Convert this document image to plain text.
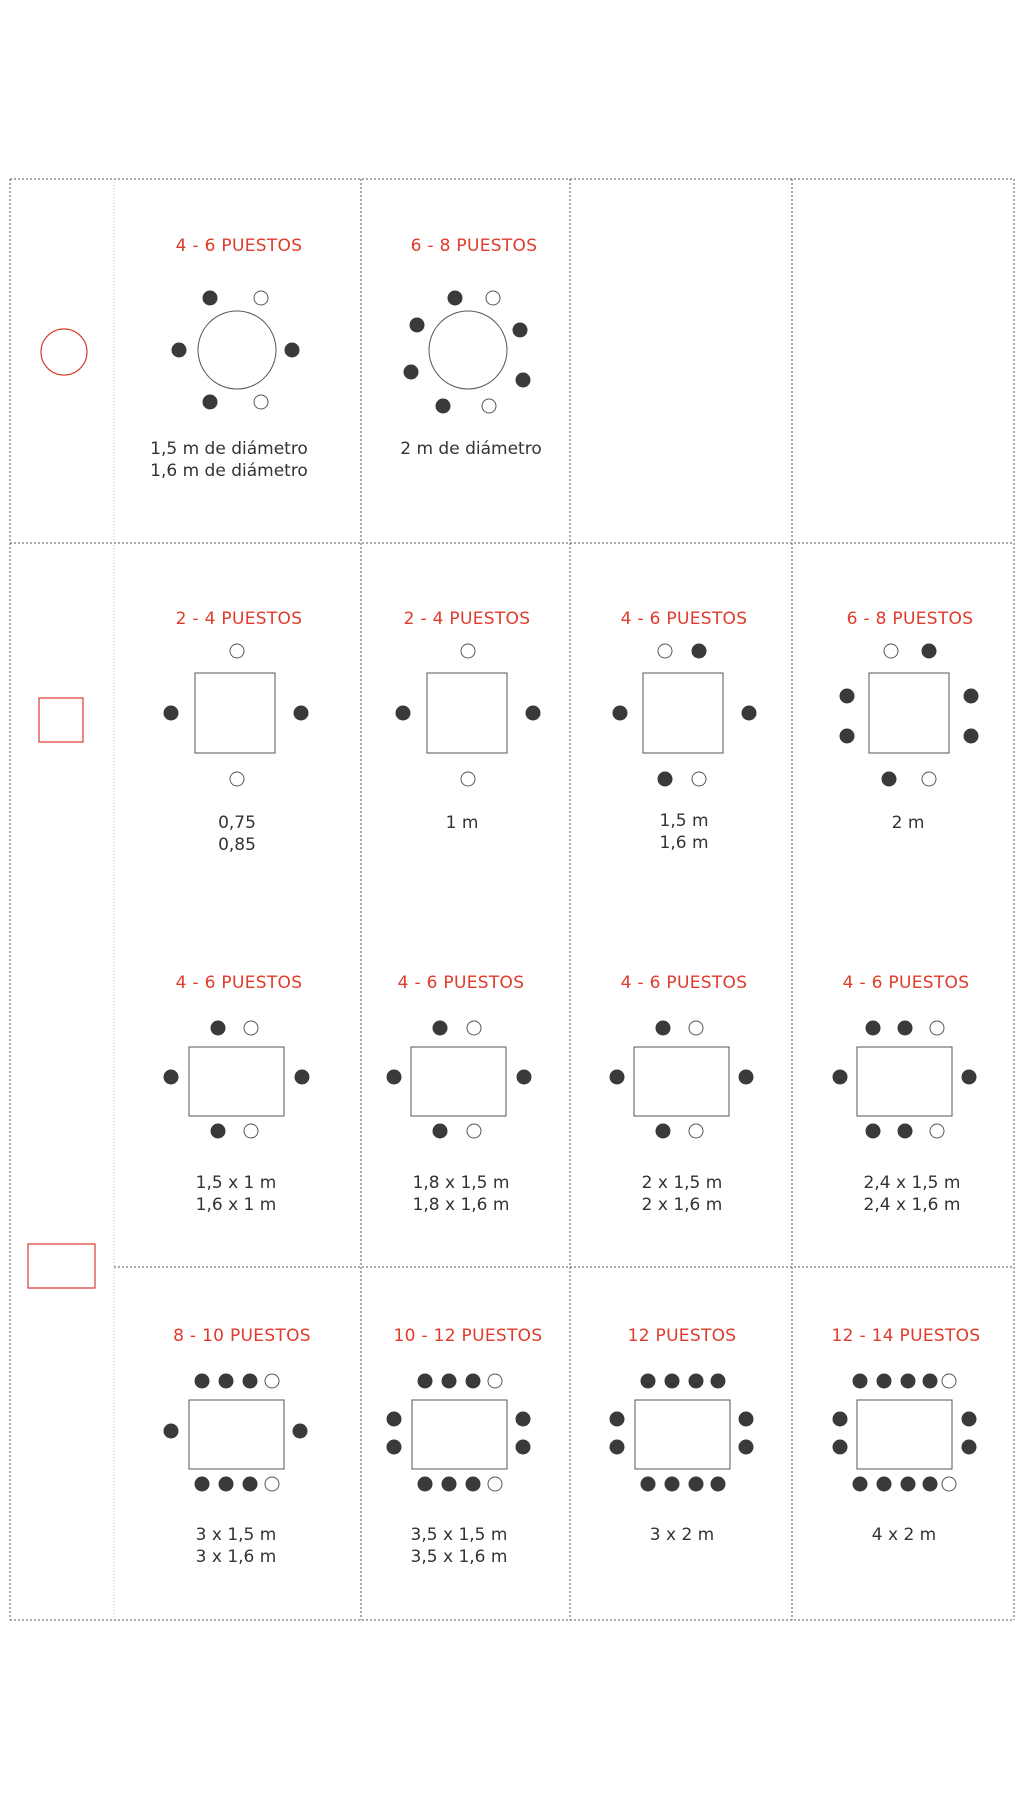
4 - 6 PUESTOS
1,5 m de diámetro
1,6 m de diámetro
6 - 8 PUESTOS
2 m de diámetro
2 - 4 PUESTOS
0,75
0,85
2 - 4 PUESTOS
1 m
4 - 6 PUESTOS
1,5 m
1,6 m
6 - 8 PUESTOS
2 m
4 - 6 PUESTOS
1,5 x 1 m
1,6 x 1 m
4 - 6 PUESTOS
1,8 x 1,5 m
1,8 x 1,6 m
4 - 6 PUESTOS
2 x 1,5 m
2 x 1,6 m
4 - 6 PUESTOS
2,4 x 1,5 m
2,4 x 1,6 m
8 - 10 PUESTOS
3 x 1,5 m
3 x 1,6 m
10 - 12 PUESTOS
3,5 x 1,5 m
3,5 x 1,6 m
12 PUESTOS
3 x 2 m
12 - 14 PUESTOS
4 x 2 m
